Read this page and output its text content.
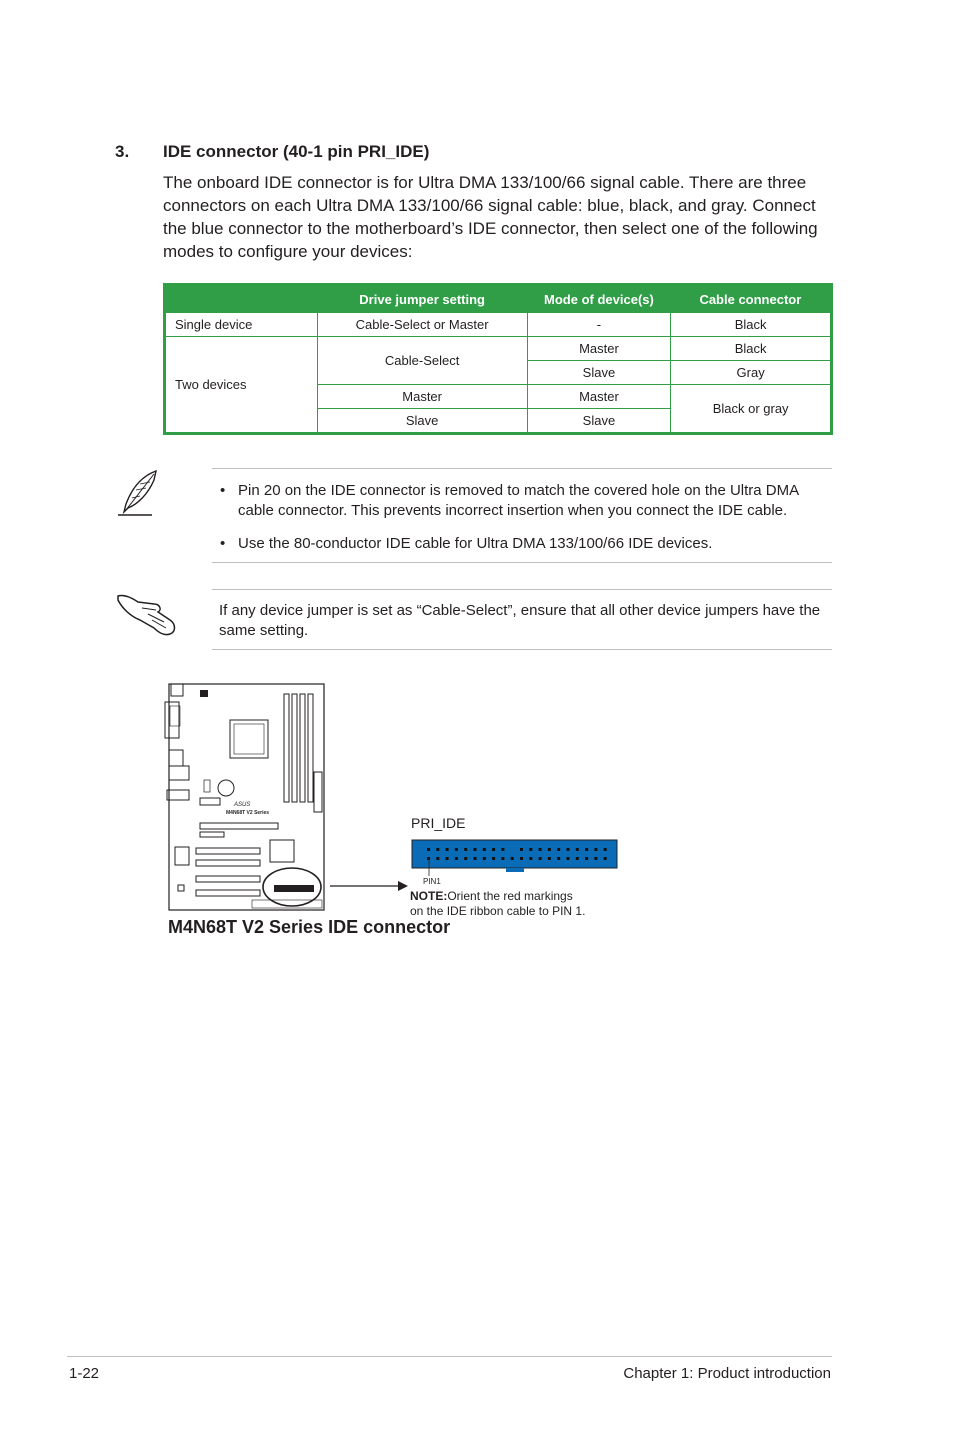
3. IDE connector (40-1 pin PRI_IDE)
The onboard IDE connector is for Ultra DMA 133/100/66 signal cable. There are three connectors on each Ultra DMA 133/100/66 signal cable: blue, black, and gray. Connect the blue connector to the motherboard’s IDE connector, then select one of the following modes to configure your devices:
	Drive jumper setting	Mode of device(s)	Cable connector
Single device	Cable-Select or Master	-	Black
Two devices	Cable-Select	Master	Black
		Slave	Gray
	Master	Master	Black or gray
	Slave	Slave	
• Pin 20 on the IDE connector is removed to match the covered hole on the Ultra DMA cable connector. This prevents incorrect insertion when you connect the IDE cable.
• Use the 80-conductor IDE cable for Ultra DMA 133/100/66 IDE devices.
If any device jumper is set as “Cable-Select”, ensure that all other device jumpers have the same setting.
ASUS
M4N68T V2 Series
PRI_IDE
PIN1
NOTE:Orient the red markings
on the IDE ribbon cable to PIN 1.
M4N68T V2 Series IDE connector
1-22	Chapter 1: Product introduction
